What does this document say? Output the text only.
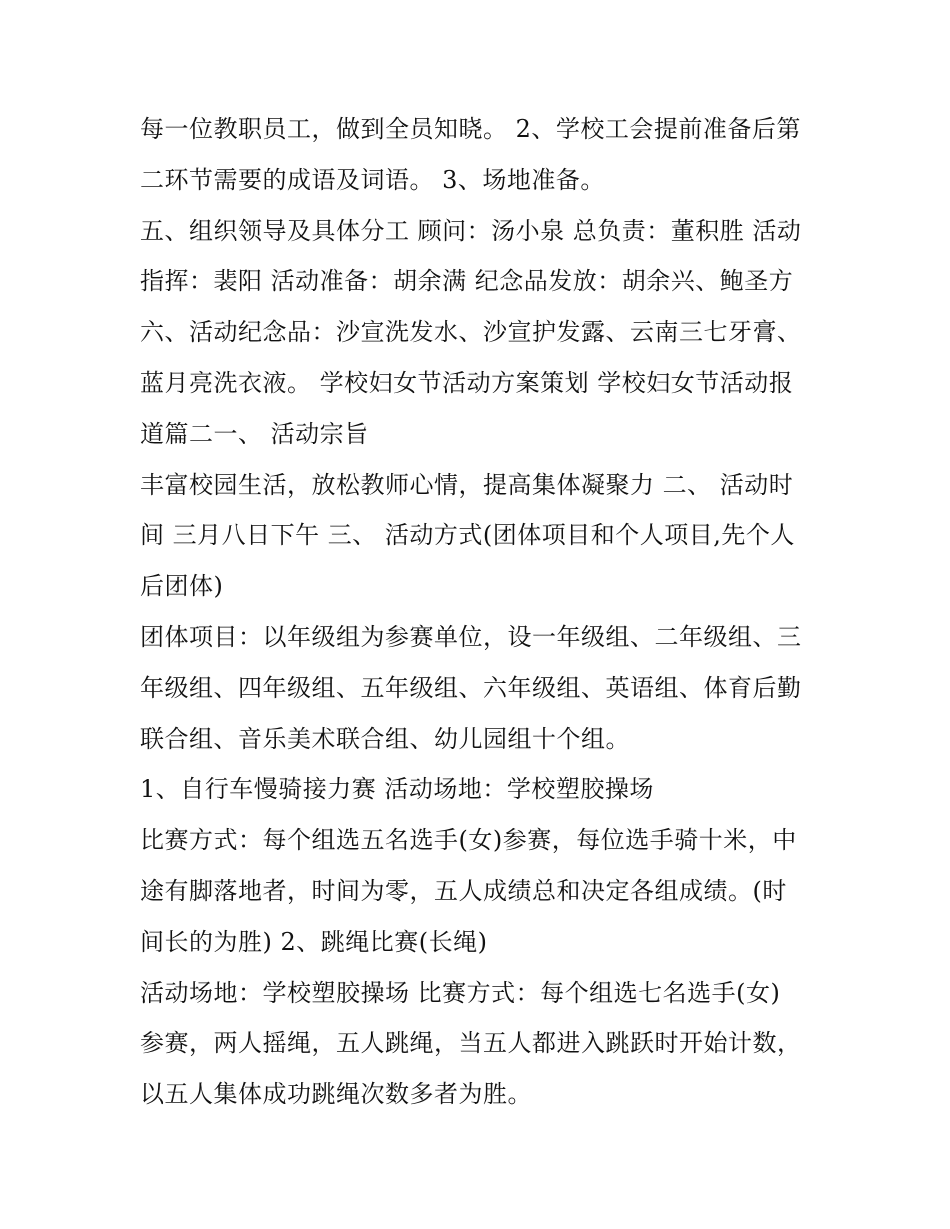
每一位教职员工，做到全员知晓。 2、学校工会提前准备后第
二环节需要的成语及词语。 3、场地准备。

五、组织领导及具体分工 顾问：汤小泉 总负责：董积胜 活动
指挥：裴阳 活动准备：胡余满 纪念品发放：胡余兴、鲍圣方
六、活动纪念品：沙宣洗发水、沙宣护发露、云南三七牙膏、
蓝月亮洗衣液。 学校妇女节活动方案策划 学校妇女节活动报
道篇二一、 活动宗旨

丰富校园生活，放松教师心情，提高集体凝聚力 二、 活动时
间 三月八日下午 三、 活动方式(团体项目和个人项目,先个人
后团体)

团体项目：以年级组为参赛单位，设一年级组、二年级组、三
年级组、四年级组、五年级组、六年级组、英语组、体育后勤
联合组、音乐美术联合组、幼儿园组十个组。

1、自行车慢骑接力赛 活动场地：学校塑胶操场

比赛方式：每个组选五名选手(女)参赛，每位选手骑十米，中
途有脚落地者，时间为零，五人成绩总和决定各组成绩。(时
间长的为胜) 2、跳绳比赛(长绳)

活动场地：学校塑胶操场 比赛方式：每个组选七名选手(女)
参赛，两人摇绳，五人跳绳，当五人都进入跳跃时开始计数，
以五人集体成功跳绳次数多者为胜。
